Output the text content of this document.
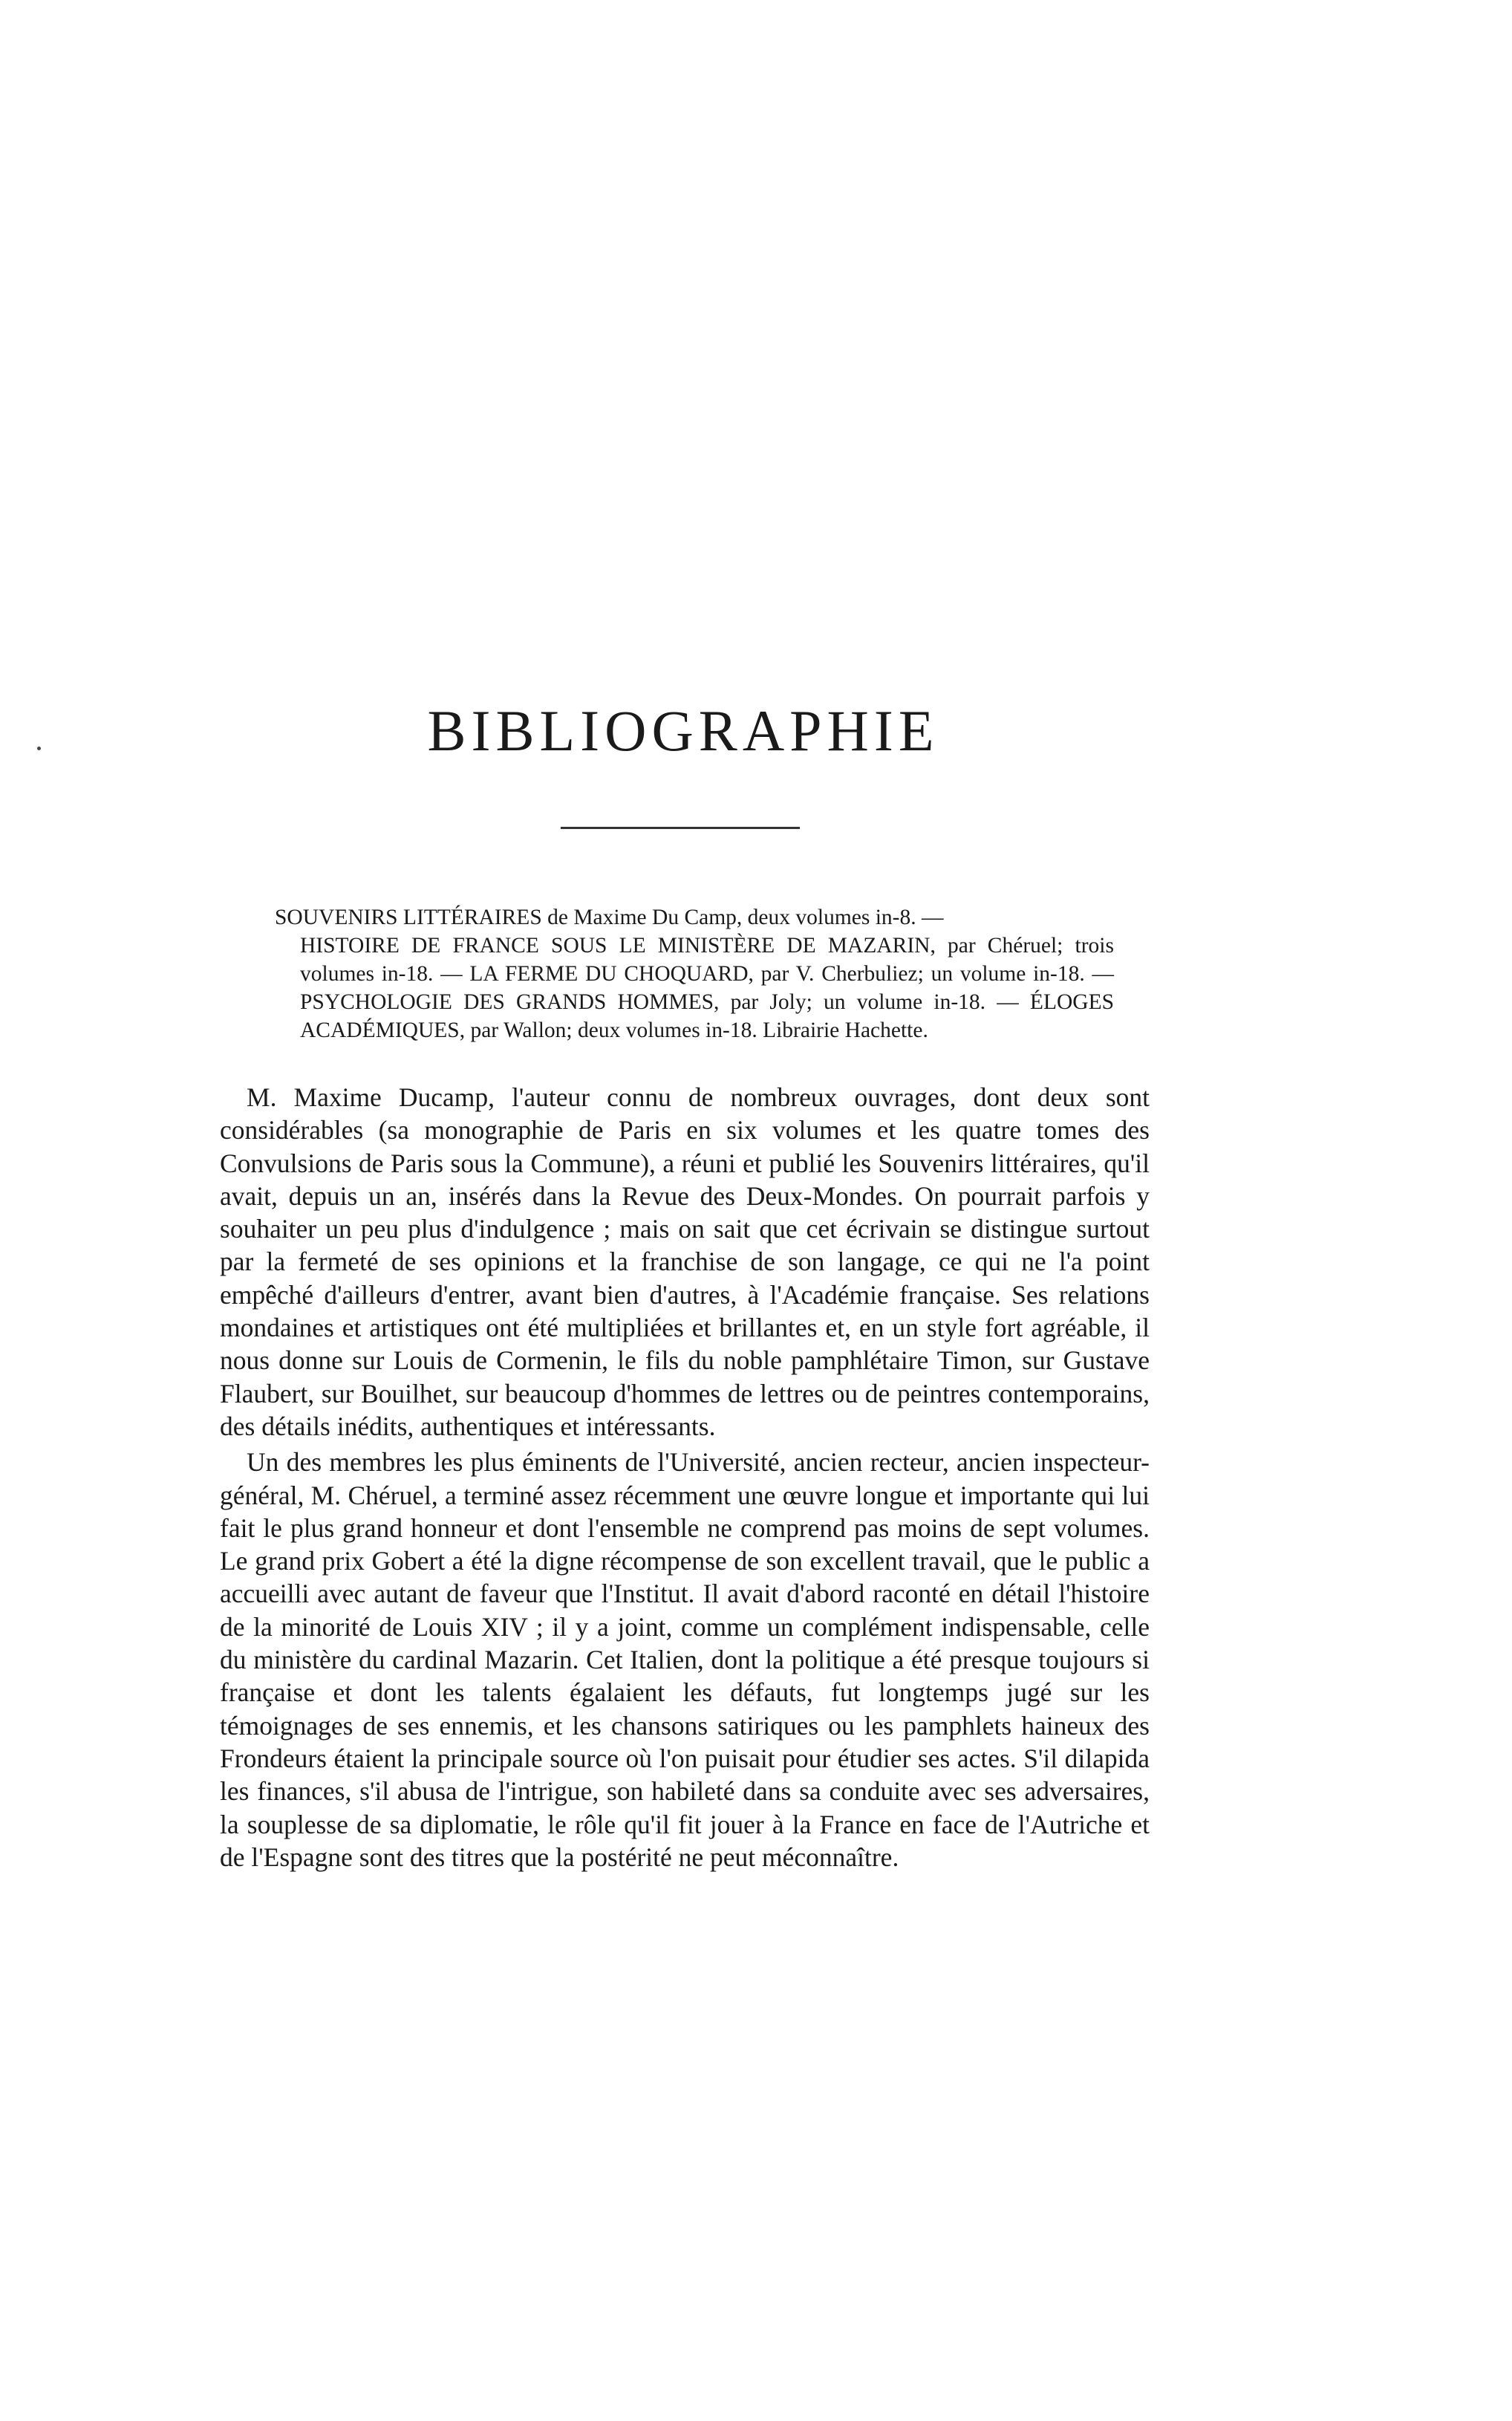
BIBLIOGRAPHIE
SOUVENIRS LITTÉRAIRES de Maxime Du Camp, deux volumes in-8. —
HISTOIRE DE FRANCE SOUS LE MINISTÈRE DE MAZARIN, par Chéruel; trois volumes in-18. — LA FERME DU CHOQUARD, par V. Cherbuliez; un volume in-18. — PSYCHOLOGIE DES GRANDS HOMMES, par Joly; un volume in-18. — ÉLOGES ACADÉMIQUES, par Wallon; deux volumes in-18. Librairie Hachette.

M. Maxime Ducamp, l'auteur connu de nombreux ouvrages, dont deux sont considérables (sa monographie de Paris en six volumes et les quatre tomes des Convulsions de Paris sous la Commune), a réuni et publié les Souvenirs littéraires, qu'il avait, depuis un an, insérés dans la Revue des Deux-Mondes. On pourrait parfois y souhaiter un peu plus d'indulgence ; mais on sait que cet écrivain se distingue surtout par la fermeté de ses opinions et la franchise de son langage, ce qui ne l'a point empêché d'ailleurs d'entrer, avant bien d'autres, à l'Académie française. Ses relations mondaines et artistiques ont été multipliées et brillantes et, en un style fort agréable, il nous donne sur Louis de Cormenin, le fils du noble pamphlétaire Timon, sur Gustave Flaubert, sur Bouilhet, sur beaucoup d'hommes de lettres ou de peintres contemporains, des détails inédits, authentiques et intéressants.

Un des membres les plus éminents de l'Université, ancien recteur, ancien inspecteur-général, M. Chéruel, a terminé assez récemment une œuvre longue et importante qui lui fait le plus grand honneur et dont l'ensemble ne comprend pas moins de sept volumes. Le grand prix Gobert a été la digne récompense de son excellent travail, que le public a accueilli avec autant de faveur que l'Institut. Il avait d'abord raconté en détail l'histoire de la minorité de Louis XIV ; il y a joint, comme un complément indispensable, celle du ministère du cardinal Mazarin. Cet Italien, dont la politique a été presque toujours si française et dont les talents égalaient les défauts, fut longtemps jugé sur les témoignages de ses ennemis, et les chansons satiriques ou les pamphlets haineux des Frondeurs étaient la principale source où l'on puisait pour étudier ses actes. S'il dilapida les finances, s'il abusa de l'intrigue, son habileté dans sa conduite avec ses adversaires, la souplesse de sa diplomatie, le rôle qu'il fit jouer à la France en face de l'Autriche et de l'Espagne sont des titres que la postérité ne peut méconnaître.
